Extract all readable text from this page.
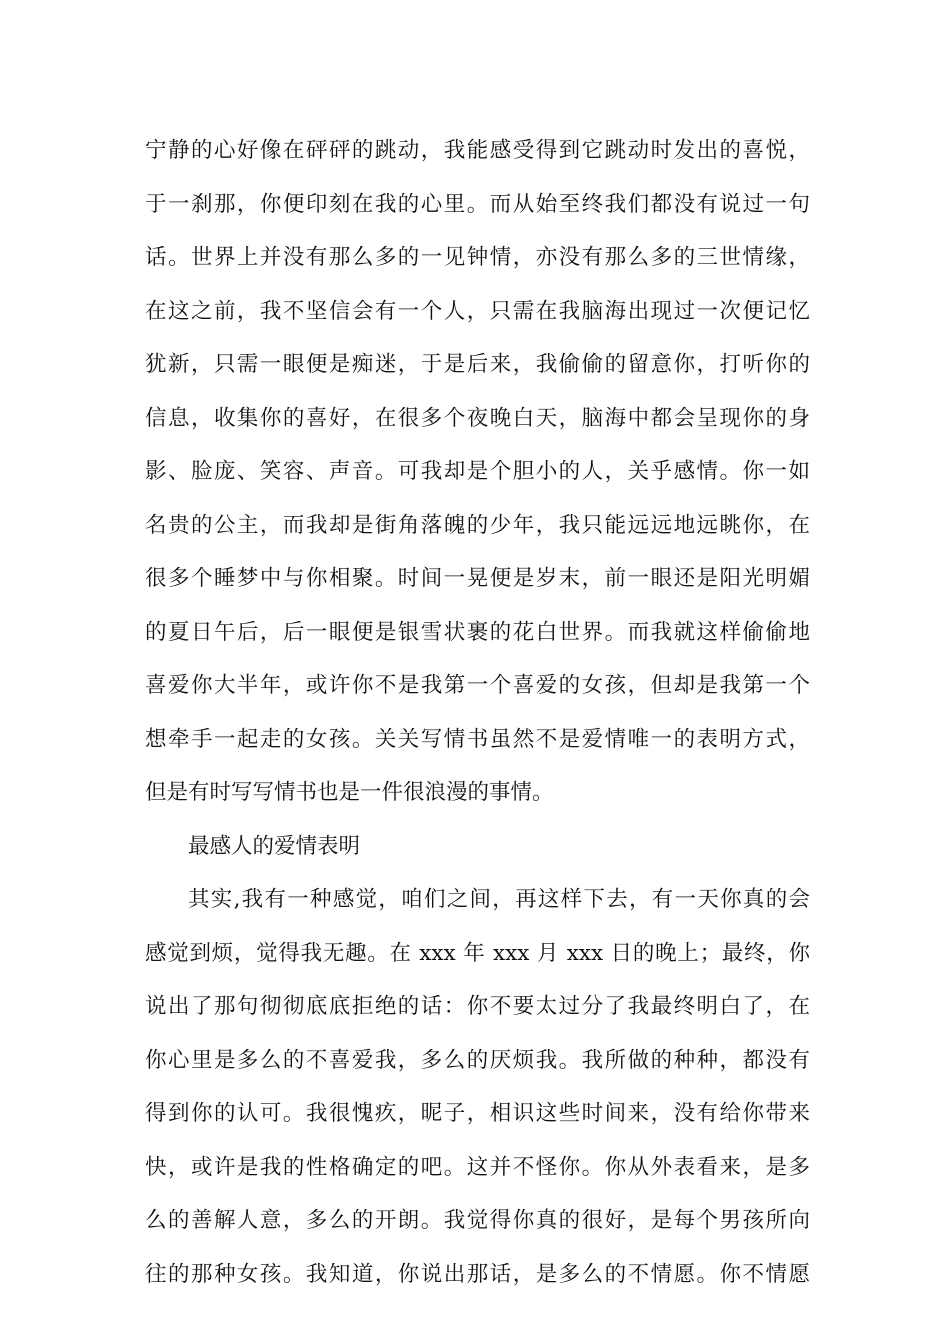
宁静的心好像在砰砰的跳动，我能感受得到它跳动时发出的喜悦，
于一刹那，你便印刻在我的心里。而从始至终我们都没有说过一句
话。世界上并没有那么多的一见钟情，亦没有那么多的三世情缘，
在这之前，我不坚信会有一个人，只需在我脑海出现过一次便记忆
犹新，只需一眼便是痴迷，于是后来，我偷偷的留意你，打听你的
信息，收集你的喜好，在很多个夜晚白天，脑海中都会呈现你的身
影、脸庞、笑容、声音。可我却是个胆小的人，关乎感情。你一如
名贵的公主，而我却是街角落魄的少年，我只能远远地远眺你，在
很多个睡梦中与你相聚。时间一晃便是岁末，前一眼还是阳光明媚
的夏日午后，后一眼便是银雪状裹的花白世界。而我就这样偷偷地
喜爱你大半年，或许你不是我第一个喜爱的女孩，但却是我第一个
想牵手一起走的女孩。关关写情书虽然不是爱情唯一的表明方式，
但是有时写写情书也是一件很浪漫的事情。
最感人的爱情表明
其实,我有一种感觉，咱们之间，再这样下去，有一天你真的会
感觉到烦，觉得我无趣。在 xxx 年 xxx 月 xxx 日的晚上；最终，你
说出了那句彻彻底底拒绝的话：你不要太过分了我最终明白了，在
你心里是多么的不喜爱我，多么的厌烦我。我所做的种种，都没有
得到你的认可。我很愧疚，昵子，相识这些时间来，没有给你带来
快，或许是我的性格确定的吧。这并不怪你。你从外表看来，是多
么的善解人意，多么的开朗。我觉得你真的很好，是每个男孩所向
往的那种女孩。我知道，你说出那话，是多么的不情愿。你不情愿
